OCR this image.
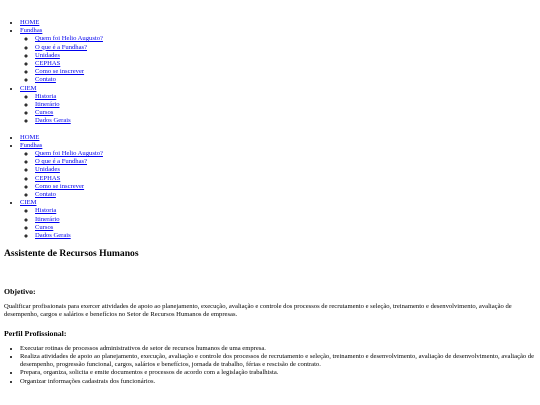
• HOME
• Fundhas
◦ Quem foi Helio Augusto?
◦ O que é a Fundhas?
◦ Unidades
◦ CEPHAS
◦ Como se inscrever
◦ Contato
• CIEM
◦ Historia
◦ Itinerário
◦ Cursos
◦ Dados Gerais
• HOME
• Fundhas
◦ Quem foi Helio Augusto?
◦ O que é a Fundhas?
◦ Unidades
◦ CEPHAS
◦ Como se inscrever
◦ Contato
• CIEM
◦ Historia
◦ Itinerário
◦ Cursos
◦ Dados Gerais
Assistente de Recursos Humanos
Objetivo:

Qualificar profissionais para exercer atividades de apoio ao planejamento, execução, avaliação e controle dos processos de recrutamento e seleção, treinamento e desenvolvimento, avaliação de desempenho, cargos e salários e benefícios no Setor de Recursos Humanos de empresas.

Perfil Profissional:
• Executar rotinas de processos administrativos de setor de recursos humanos de uma empresa.
• Realiza atividades de apoio ao planejamento, execução, avaliação e controle dos processos de recrutamento e seleção, treinamento e desenvolvimento, avaliação de desenvolvimento, avaliação de desempenho, progressão funcional, cargos, salários e benefícios, jornada de trabalho, férias e rescisão de contrato.
• Prepara, organiza, solicita e emite documentos e processos de acordo com a legislação trabalhista.
• Organizar informações cadastrais dos funcionários.
